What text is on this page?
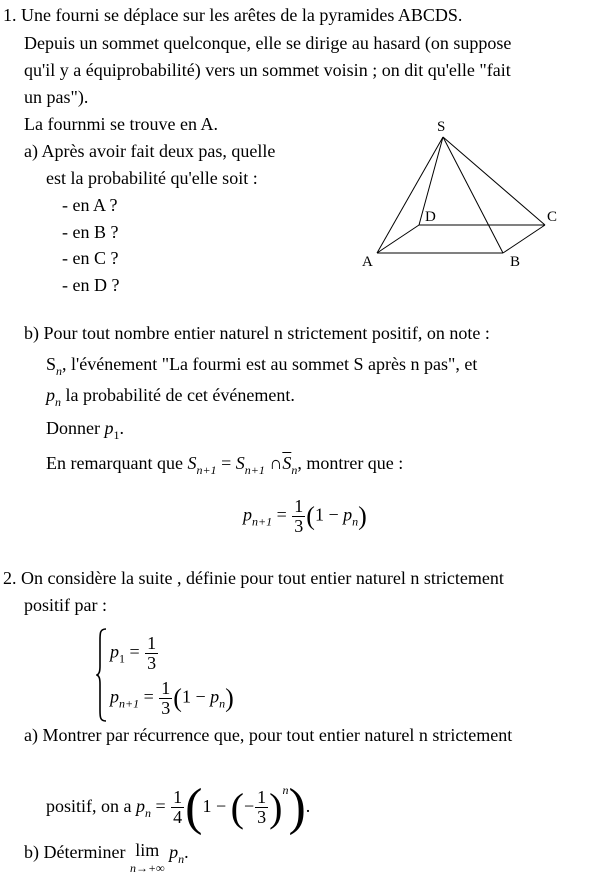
1. Une fourni se déplace sur les arêtes de la pyramides ABCDS.
Depuis un sommet quelconque, elle se dirige au hasard (on suppose
qu'il y a équiprobabilité) vers un sommet voisin ; on dit qu'elle "fait
un pas").
La fournmi se trouve en A.
a) Après avoir fait deux pas, quelle
est la probabilité qu'elle soit :
- en A ?
- en B ?
- en C ?
- en D ?
S
D	C
A	B
b) Pour tout nombre entier naturel n strictement positif, on note :
$S_n$, l'événement "La fourmi est au sommet S après n pas", et
$p_n$ la probabilité de cet événement.
Donner $p_1$.
En remarquant que $S_{n+1} = S_{n+1}$ $\cap\overline{S}_n$, montrer que :
$p_{n+1} = \frac{1}{3} (1 - p_n)$
2. On considère la suite , définie pour tout entier naturel n strictement
positif par :
$p_1 = \frac{1}{3}$
$p_{n+1} = \frac{1}{3} (1 - p_n)$
a) Montrer par récurrence que, pour tout entier naturel n strictement
positif, on a $p_n = \frac{1}{4} (1$ − (− $\frac{1}{3} )^n$).
b) Déterminer lim
n→+∞
$p_n$.
